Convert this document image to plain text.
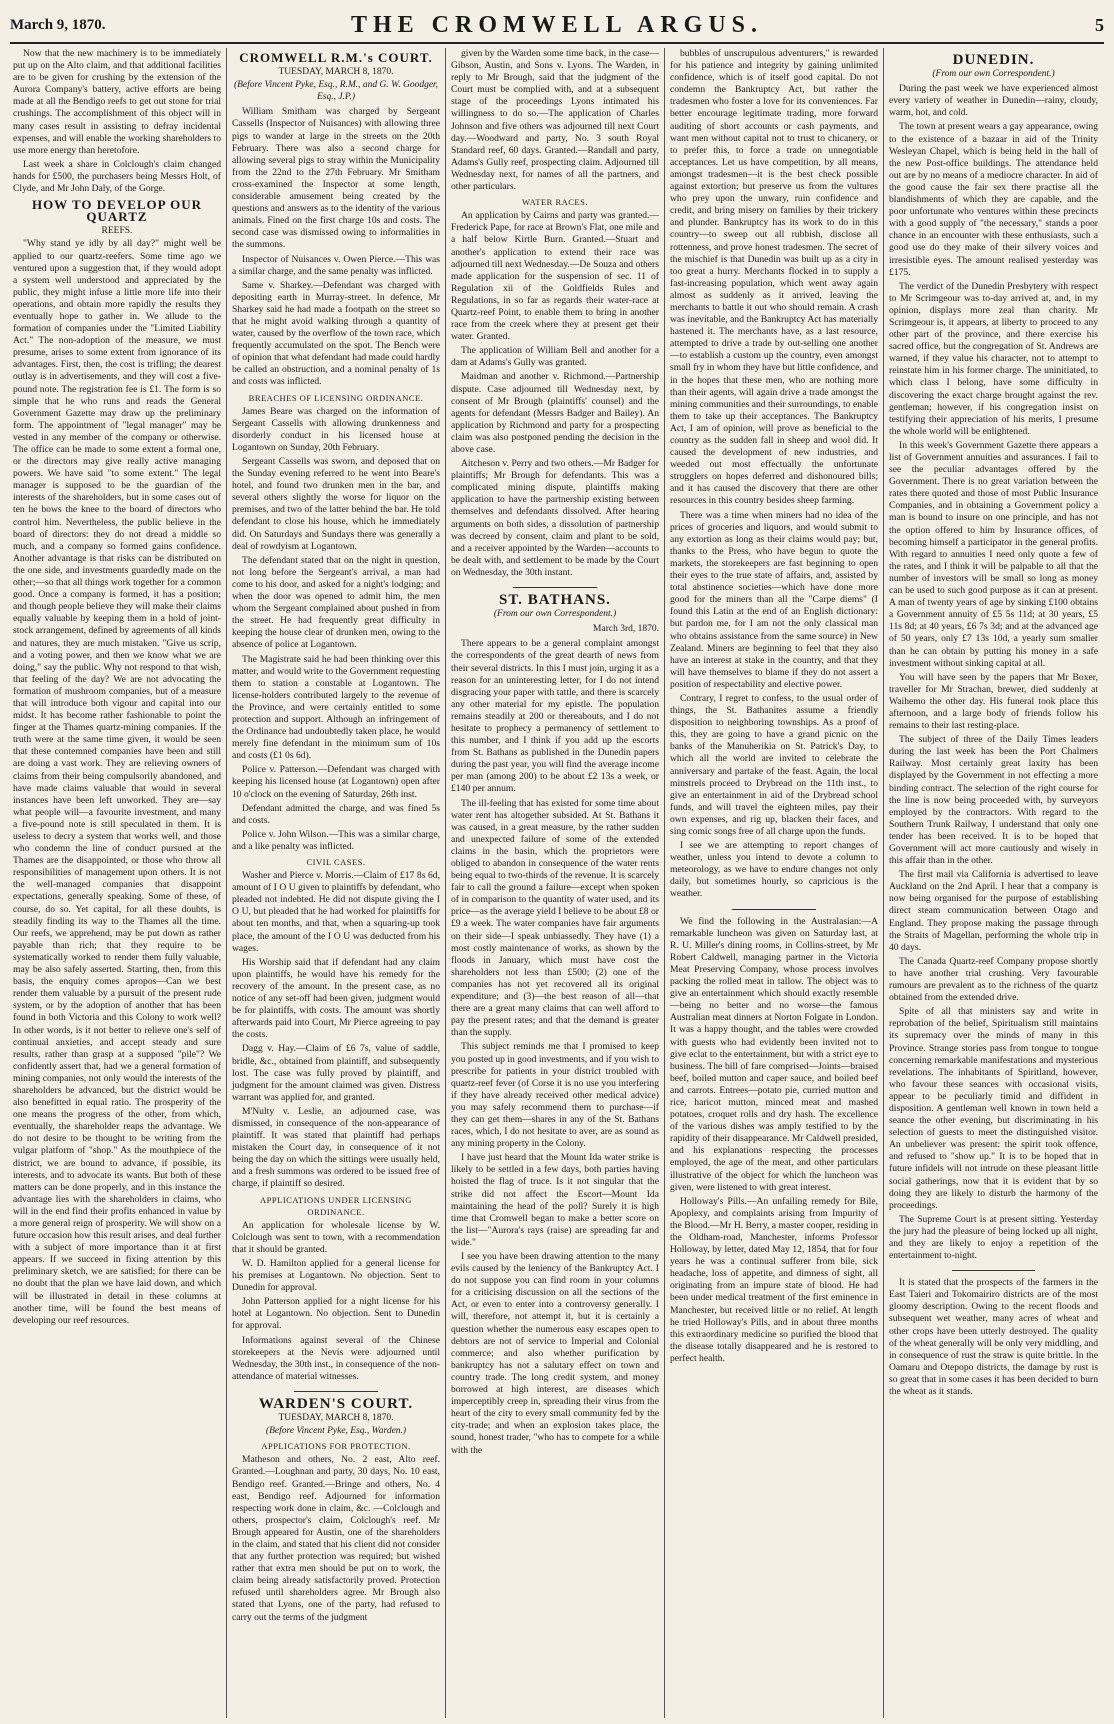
March 9, 1870.	THE CROMWELL ARGUS.	5

Now that the new machinery is to be immediately put up on the Alto claim, and that additional facilities are to be given for crushing by the extension of the Aurora Company's battery, active efforts are being made at all the Bendigo reefs to get out stone for trial crushings. The accomplishment of this object will in many cases result in assisting to defray incidental expenses, and will enable the working shareholders to use more energy than heretofore.

Last week a share in Colclough's claim changed hands for £500, the purchasers being Messrs Holt, of Clyde, and Mr John Daly, of the Gorge.

HOW TO DEVELOP OUR QUARTZ
REEFS.

"Why stand ye idly by all day?" might well be applied to our quartz-reefers. Some time ago we ventured upon a suggestion that, if they would adopt a system well understood and appreciated by the public, they might infuse a little more life into their operations, and obtain more rapidly the results they eventually hope to gather in. We allude to the formation of companies under the "Limited Liability Act." The non-adoption of the measure, we must presume, arises to some extent from ignorance of its advantages. First, then, the cost is trifling; the dearest outlay is in advertisements, and they will cost a five-pound note. The registration fee is £1. The form is so simple that he who runs and reads the General Government Gazette may draw up the preliminary form. The appointment of "legal manager" may be vested in any member of the company or otherwise. The office can be made to some extent a formal one, or the directors may give really active managing powers. We have said "to some extent." The legal manager is supposed to be the guardian of the interests of the shareholders, but in some cases out of ten he bows the knee to the board of directors who control him. Nevertheless, the public believe in the board of directors: they do not dread a middle so much, and a company so formed gains confidence. Another advantage is that risks can be distributed on the one side, and investments guardedly made on the other;—so that all things work together for a common good. Once a company is formed, it has a position; and though people believe they will make their claims equally valuable by keeping them in a hold of joint-stock arrangement, defined by agreements of all kinds and natures, they are much mistaken. "Give us scrip, and a voting power, and then we know what we are doing," say the public. Why not respond to that wish, that feeling of the day? We are not advocating the formation of mushroom companies, but of a measure that will introduce both vigour and capital into our midst. It has become rather fashionable to point the finger at the Thames quartz-mining companies. If the truth were at the same time given, it would be seen that these contemned companies have been and still are doing a vast work. They are relieving owners of claims from their being compulsorily abandoned, and have made claims valuable that would in several instances have been left unworked. They are—say what people will—a favourite investment, and many a five-pound note is still speculated in them. It is useless to decry a system that works well, and those who condemn the line of conduct pursued at the Thames are the disappointed, or those who throw all responsibilities of management upon others. It is not the well-managed companies that disappoint expectations, generally speaking. Some of these, of course, do so. Yet capital, for all these doubts, is steadily finding its way to the Thames all the time. Our reefs, we apprehend, may be put down as rather payable than rich; that they require to be systematically worked to render them fully valuable, may be also safely asserted. Starting, then, from this basis, the enquiry comes apropos—Can we best render them valuable by a pursuit of the present rude system, or by the adoption of another that has been found in both Victoria and this Colony to work well? In other words, is it not better to relieve one's self of continual anxieties, and accept steady and sure results, rather than grasp at a supposed "pile"? We confidently assert that, had we a general formation of mining companies, not only would the interests of the shareholders be advanced, but the district would be also benefitted in equal ratio. The prosperity of the one means the progress of the other, from which, eventually, the shareholder reaps the advantage. We do not desire to be thought to be writing from the vulgar platform of "shop." As the mouthpiece of the district, we are bound to advance, if possible, its interests, and to advocate its wants. But both of these matters can be done properly, and in this instance the advantage lies with the shareholders in claims, who will in the end find their profits enhanced in value by a more general reign of prosperity. We will show on a future occasion how this result arises, and deal further with a subject of more importance than it at first appears. If we succeed in fixing attention by this preliminary sketch, we are satisfied; for there can be no doubt that the plan we have laid down, and which will be illustrated in detail in these columns at another time, will be found the best means of developing our reef resources.

CROMWELL R.M.'s COURT.
TUESDAY, MARCH 8, 1870.
(Before Vincent Pyke, Esq., R.M., and G. W. Goodger, Esq., J.P.)

William Smitham was charged by Sergeant Cassells (Inspector of Nuisances) with allowing three pigs to wander at large in the streets on the 20th February. There was also a second charge for allowing several pigs to stray within the Municipality from the 22nd to the 27th February. Mr Smitham cross-examined the Inspector at some length, considerable amusement being created by the questions and answers as to the identity of the various animals. Fined on the first charge 10s and costs. The second case was dismissed owing to informalities in the summons.

Inspector of Nuisances v. Owen Pierce.—This was a similar charge, and the same penalty was inflicted.

Same v. Sharkey.—Defendant was charged with depositing earth in Murray-street. In defence, Mr Sharkey said he had made a footpath on the street so that he might avoid walking through a quantity of water, caused by the overflow of the town race, which frequently accumulated on the spot. The Bench were of opinion that what defendant had made could hardly be called an obstruction, and a nominal penalty of 1s and costs was inflicted.

BREACHES OF LICENSING ORDINANCE.

James Beare was charged on the information of Sergeant Cassells with allowing drunkenness and disorderly conduct in his licensed house at Logantown on Sunday, 20th February.

Sergeant Cassells was sworn, and deposed that on the Sunday evening referred to he went into Beare's hotel, and found two drunken men in the bar, and several others slightly the worse for liquor on the premises, and two of the latter behind the bar. He told defendant to close his house, which he immediately did. On Saturdays and Sundays there was generally a deal of rowdyism at Logantown.

The defendant stated that on the night in question, not long before the Sergeant's arrival, a man had come to his door, and asked for a night's lodging; and when the door was opened to admit him, the men whom the Sergeant complained about pushed in from the street. He had frequently great difficulty in keeping the house clear of drunken men, owing to the absence of police at Logantown.

The Magistrate said he had been thinking over this matter, and would write to the Government requesting them to station a constable at Logantown. The license-holders contributed largely to the revenue of the Province, and were certainly entitled to some protection and support. Although an infringement of the Ordinance had undoubtedly taken place, he would merely fine defendant in the minimum sum of 10s and costs (£1 0s 6d).

Police v. Patterson.—Defendant was charged with keeping his licensed house (at Logantown) open after 10 o'clock on the evening of Saturday, 26th inst.

Defendant admitted the charge, and was fined 5s and costs.

Police v. John Wilson.—This was a similar charge, and a like penalty was inflicted.

CIVIL CASES.

Washer and Pierce v. Morris.—Claim of £17 8s 6d, amount of I O U given to plaintiffs by defendant, who pleaded not indebted. He did not dispute giving the I O U, but pleaded that he had worked for plaintiffs for about ten months, and that, when a squaring-up took place, the amount of the I O U was deducted from his wages.

His Worship said that if defendant had any claim upon plaintiffs, he would have his remedy for the recovery of the amount. In the present case, as no notice of any set-off had been given, judgment would be for plaintiffs, with costs. The amount was shortly afterwards paid into Court, Mr Pierce agreeing to pay the costs.

Dagg v. Hay.—Claim of £6 7s, value of saddle, bridle, &c., obtained from plaintiff, and subsequently lost. The case was fully proved by plaintiff, and judgment for the amount claimed was given. Distress warrant was applied for, and granted.

M'Nulty v. Leslie, an adjourned case, was dismissed, in consequence of the non-appearance of plaintiff. It was stated that plaintiff had perhaps mistaken the Court day, in consequence of it not being the day on which the sittings were usually held, and a fresh summons was ordered to be issued free of charge, if plaintiff so desired.

APPLICATIONS UNDER LICENSING ORDINANCE.

An application for wholesale license by W. Colclough was sent to town, with a recommendation that it should be granted.

W. D. Hamilton applied for a general license for his premises at Logantown. No objection. Sent to Dunedin for approval.

John Patterson applied for a night license for his hotel at Logantown. No objection. Sent to Dunedin for approval.

Informations against several of the Chinese storekeepers at the Nevis were adjourned until Wednesday, the 30th inst., in consequence of the non-attendance of material witnesses.

WARDEN'S COURT.
TUESDAY, MARCH 8, 1870.
(Before Vincent Pyke, Esq., Warden.)
APPLICATIONS FOR PROTECTION.

Matheson and others, No. 2 east, Alto reef. Granted.—Loughnan and party, 30 days, No. 10 east, Bendigo reef. Granted.—Bringe and others, No. 4 east, Bendigo reef. Adjourned for information respecting work done in claim, &c. —Colclough and others, prospector's claim, Colclough's reef. Mr Brough appeared for Austin, one of the shareholders in the claim, and stated that his client did not consider that any further protection was required; but wished rather that extra men should be put on to work, the claim being already satisfactorily proved. Protection refused until shareholders agree. Mr Brough also stated that Lyons, one of the party, had refused to carry out the terms of the judgment

given by the Warden some time back, in the case—Gibson, Austin, and Sons v. Lyons. The Warden, in reply to Mr Brough, said that the judgment of the Court must be complied with, and at a subsequent stage of the proceedings Lyons intimated his willingness to do so.—The application of Charles Johnson and five others was adjourned till next Court day.—Woodward and party, No. 3 south Royal Standard reef, 60 days. Granted.—Randall and party, Adams's Gully reef, prospecting claim. Adjourned till Wednesday next, for names of all the partners, and other particulars.

WATER RACES.

An application by Cairns and party was granted.—Frederick Pape, for race at Brown's Flat, one mile and a half below Kirtle Burn. Granted.—Stuart and another's application to extend their race was adjourned till next Wednesday.—De Souza and others made application for the suspension of sec. 11 of Regulation xii of the Goldfields Rules and Regulations, in so far as regards their water-race at Quartz-reef Point, to enable them to bring in another race from the creek where they at present get their water. Granted.

The application of William Bell and another for a dam at Adams's Gully was granted.

Maidman and another v. Richmond.—Partnership dispute. Case adjourned till Wednesday next, by consent of Mr Brough (plaintiffs' counsel) and the agents for defendant (Messrs Badger and Bailey). An application by Richmond and party for a prospecting claim was also postponed pending the decision in the above case.

Aitcheson v. Perry and two others.—Mr Badger for plaintiffs; Mr Brough for defendants. This was a complicated mining dispute, plaintiffs making application to have the partnership existing between themselves and defendants dissolved. After hearing arguments on both sides, a dissolution of partnership was decreed by consent, claim and plant to be sold, and a receiver appointed by the Warden—accounts to be dealt with, and settlement to be made by the Court on Wednesday, the 30th instant.

ST. BATHANS.
(From our own Correspondent.)
March 3rd, 1870.

There appears to be a general complaint amongst the correspondents of the great dearth of news from their several districts. In this I must join, urging it as a reason for an uninteresting letter, for I do not intend disgracing your paper with tattle, and there is scarcely any other material for my epistle. The population remains steadily at 200 or thereabouts, and I do not hesitate to prophecy a permanency of settlement to this number, and I think if you add up the escorts from St. Bathans as published in the Dunedin papers during the past year, you will find the average income per man (among 200) to be about £2 13s a week, or £140 per annum.

The ill-feeling that has existed for some time about water rent has altogether subsided. At St. Bathans it was caused, in a great measure, by the rather sudden and unexpected failure of some of the extended claims in the basin, which the proprietors were obliged to abandon in consequence of the water rents being equal to two-thirds of the revenue. It is scarcely fair to call the ground a failure—except when spoken of in comparison to the quantity of water used, and its price—as the average yield I believe to be about £8 or £9 a week. The water companies have fair arguments on their side—I speak unbiassedly. They have (1) a most costly maintenance of works, as shown by the floods in January, which must have cost the shareholders not less than £500; (2) one of the companies has not yet recovered all its original expenditure; and (3)—the best reason of all—that there are a great many claims that can well afford to pay the present rates; and that the demand is greater than the supply.

This subject reminds me that I promised to keep you posted up in good investments, and if you wish to prescribe for patients in your district troubled with quartz-reef fever (of Corse it is no use you interfering if they have already received other medical advice) you may safely recommend them to purchase—if they can get them—shares in any of the St. Bathans races, which, I do not hesitate to aver, are as sound as any mining property in the Colony.

I have just heard that the Mount Ida water strike is likely to be settled in a few days, both parties having hoisted the flag of truce. Is it not singular that the strike did not affect the Escort—Mount Ida maintaining the head of the poll? Surely it is high time that Cromwell began to make a better score on the list—"Aurora's rays (raise) are spreading far and wide."

I see you have been drawing attention to the many evils caused by the leniency of the Bankruptcy Act. I do not suppose you can find room in your columns for a criticising discussion on all the sections of the Act, or even to enter into a controversy generally. I will, therefore, not attempt it, but it is certainly a question whether the numerous easy escapes open to debtors are not of service to Imperial and Colonial commerce; and also whether purification by bankruptcy has not a salutary effect on town and country trade. The long credit system, and money borrowed at high interest, are diseases which imperceptibly creep in, spreading their virus from the heart of the city to every small community fed by the city-trade; and when an explosion takes place, the sound, honest trader, "who has to compete for a while with the

bubbles of unscrupulous adventurers," is rewarded for his patience and integrity by gaining unlimited confidence, which is of itself good capital. Do not condemn the Bankruptcy Act, but rather the tradesmen who foster a love for its conveniences. Far better encourage legitimate trading, more forward auditing of short accounts or cash payments, and want men without capital not to trust to chicanery, or to prefer this, to force a trade on unnegotiable acceptances. Let us have competition, by all means, amongst tradesmen—it is the best check possible against extortion; but preserve us from the vultures who prey upon the unwary, ruin confidence and credit, and bring misery on families by their trickery and plunder. Bankruptcy has its work to do in this country—to sweep out all rubbish, disclose all rottenness, and prove honest tradesmen. The secret of the mischief is that Dunedin was built up as a city in too great a hurry. Merchants flocked in to supply a fast-increasing population, which went away again almost as suddenly as it arrived, leaving the merchants to battle it out who should remain. A crash was inevitable, and the Bankruptcy Act has materially hastened it. The merchants have, as a last resource, attempted to drive a trade by out-selling one another—to establish a custom up the country, even amongst small fry in whom they have but little confidence, and in the hopes that these men, who are nothing more than their agents, will again drive a trade amongst the mining communities and their surroundings, to enable them to take up their acceptances. The Bankruptcy Act, I am of opinion, will prove as beneficial to the country as the sudden fall in sheep and wool did. It caused the development of new industries, and weeded out most effectually the unfortunate strugglers on hopes deferred and dishonoured bills; and it has caused the discovery that there are other resources in this country besides sheep farming.

There was a time when miners had no idea of the prices of groceries and liquors, and would submit to any extortion as long as their claims would pay; but, thanks to the Press, who have begun to quote the markets, the storekeepers are fast beginning to open their eyes to the true state of affairs, and, assisted by total abstinence societies—which have done more good for the miners than all the "Carpe diems" (I found this Latin at the end of an English dictionary: but pardon me, for I am not the only classical man who obtains assistance from the same source) in New Zealand. Miners are beginning to feel that they also have an interest at stake in the country, and that they will have themselves to blame if they do not assert a position of respectability and elective power.

Contrary, I regret to confess, to the usual order of things, the St. Bathanites assume a friendly disposition to neighboring townships. As a proof of this, they are going to have a grand picnic on the banks of the Manuherikia on St. Patrick's Day, to which all the world are invited to celebrate the anniversary and partake of the feast. Again, the local minstrels proceed to Drybread on the 11th inst., to give an entertainment in aid of the Drybread school funds, and will travel the eighteen miles, pay their own expenses, and rig up, blacken their faces, and sing comic songs free of all charge upon the funds.

I see we are attempting to report changes of weather, unless you intend to devote a column to meteorology, as we have to endure changes not only daily, but sometimes hourly, so capricious is the weather.

We find the following in the Australasian:—A remarkable luncheon was given on Saturday last, at R. U. Miller's dining rooms, in Collins-street, by Mr Robert Caldwell, managing partner in the Victoria Meat Preserving Company, whose process involves packing the rolled meat in tallow. The object was to give an entertainment which should exactly resemble—being no better and no worse—the famous Australian meat dinners at Norton Folgate in London. It was a happy thought, and the tables were crowded with guests who had evidently been invited not to give eclat to the entertainment, but with a strict eye to business. The bill of fare comprised—Joints—braised beef, boiled mutton and caper sauce, and boiled beef and carrots. Entrees—potato pie, curried mutton and rice, haricot mutton, minced meat and mashed potatoes, croquet rolls and dry hash. The excellence of the various dishes was amply testified to by the rapidity of their disappearance. Mr Caldwell presided, and his explanations respecting the processes employed, the age of the meat, and other particulars illustrative of the object for which the luncheon was given, were listened to with great interest.

Holloway's Pills.—An unfailing remedy for Bile, Apoplexy, and complaints arising from Impurity of the Blood.—Mr H. Berry, a master cooper, residing in the Oldham-road, Manchester, informs Professor Holloway, by letter, dated May 12, 1854, that for four years he was a continual sufferer from bile, sick headache, loss of appetite, and dimness of sight, all originating from an impure state of blood. He had been under medical treatment of the first eminence in Manchester, but received little or no relief. At length he tried Holloway's Pills, and in about three months this extraordinary medicine so purified the blood that the disease totally disappeared and he is restored to perfect health.

DUNEDIN.
(From our own Correspondent.)

During the past week we have experienced almost every variety of weather in Dunedin—rainy, cloudy, warm, hot, and cold.

The town at present wears a gay appearance, owing to the existence of a bazaar in aid of the Trinity Wesleyan Chapel, which is being held in the hall of the new Post-office buildings. The attendance held out are by no means of a mediocre character. In aid of the good cause the fair sex there practise all the blandishments of which they are capable, and the poor unfortunate who ventures within these precincts with a good supply of "the necessary," stands a poor chance in an encounter with these enthusiasts, such a good use do they make of their silvery voices and irresistible eyes. The amount realised yesterday was £175.

The verdict of the Dunedin Presbytery with respect to Mr Scrimgeour was to-day arrived at, and, in my opinion, displays more zeal than charity. Mr Scrimgeour is, it appears, at liberty to proceed to any other part of the province, and there exercise his sacred office, but the congregation of St. Andrews are warned, if they value his character, not to attempt to reinstate him in his former charge. The uninitiated, to which class I belong, have some difficulty in discovering the exact charge brought against the rev. gentleman; however, if his congregation insist on testifying their appreciation of his merits, I presume the whole world will be enlightened.

In this week's Government Gazette there appears a list of Government annuities and assurances. I fail to see the peculiar advantages offered by the Government. There is no great variation between the rates there quoted and those of most Public Insurance Companies, and in obtaining a Government policy a man is bound to insure on one principle, and has not the option offered to him by Insurance offices, of becoming himself a participator in the general profits. With regard to annuities I need only quote a few of the rates, and I think it will be palpable to all that the number of investors will be small so long as money can be used to such good purpose as it can at present. A man of twenty years of age by sinking £100 obtains a Government annuity of £5 5s 11d; at 30 years, £5 11s 8d; at 40 years, £6 7s 3d; and at the advanced age of 50 years, only £7 13s 10d, a yearly sum smaller than he can obtain by putting his money in a safe investment without sinking capital at all.

You will have seen by the papers that Mr Boxer, traveller for Mr Strachan, brewer, died suddenly at Waihemo the other day. His funeral took place this afternoon, and a large body of friends follow his remains to their last resting-place.

The subject of three of the Daily Times leaders during the last week has been the Port Chalmers Railway. Most certainly great laxity has been displayed by the Government in not effecting a more binding contract. The selection of the right course for the line is now being proceeded with, by surveyors employed by the contractors. With regard to the Southern Trunk Railway, I understand that only one tender has been received. It is to be hoped that Government will act more cautiously and wisely in this affair than in the other.

The first mail via California is advertised to leave Auckland on the 2nd April. I hear that a company is now being organised for the purpose of establishing direct steam communication between Otago and England. They propose making the passage through the Straits of Magellan, performing the whole trip in 40 days.

The Canada Quartz-reef Company propose shortly to have another trial crushing. Very favourable rumours are prevalent as to the richness of the quartz obtained from the extended drive.

Spite of all that ministers say and write in reprobation of the belief, Spiritualism still maintains its supremacy over the minds of many in this Province. Strange stories pass from tongue to tongue concerning remarkable manifestations and mysterious revelations. The inhabitants of Spiritland, however, who favour these seances with occasional visits, appear to be peculiarly timid and diffident in disposition. A gentleman well known in town held a seance the other evening, but discriminating in his selection of guests to meet the distinguished visitor. An unbeliever was present: the spirit took offence, and refused to "show up." It is to be hoped that in future infidels will not intrude on these pleasant little social gatherings, now that it is evident that by so doing they are likely to disturb the harmony of the proceedings.

The Supreme Court is at present sitting. Yesterday the jury had the pleasure of being locked up all night, and they are likely to enjoy a repetition of the entertainment to-night.

It is stated that the prospects of the farmers in the East Taieri and Tokomairiro districts are of the most gloomy description. Owing to the recent floods and subsequent wet weather, many acres of wheat and other crops have been utterly destroyed. The quality of the wheat generally will be only very middling, and in consequence of rust the straw is quite brittle. In the Oamaru and Otepopo districts, the damage by rust is so great that in some cases it has been decided to burn the wheat as it stands.
